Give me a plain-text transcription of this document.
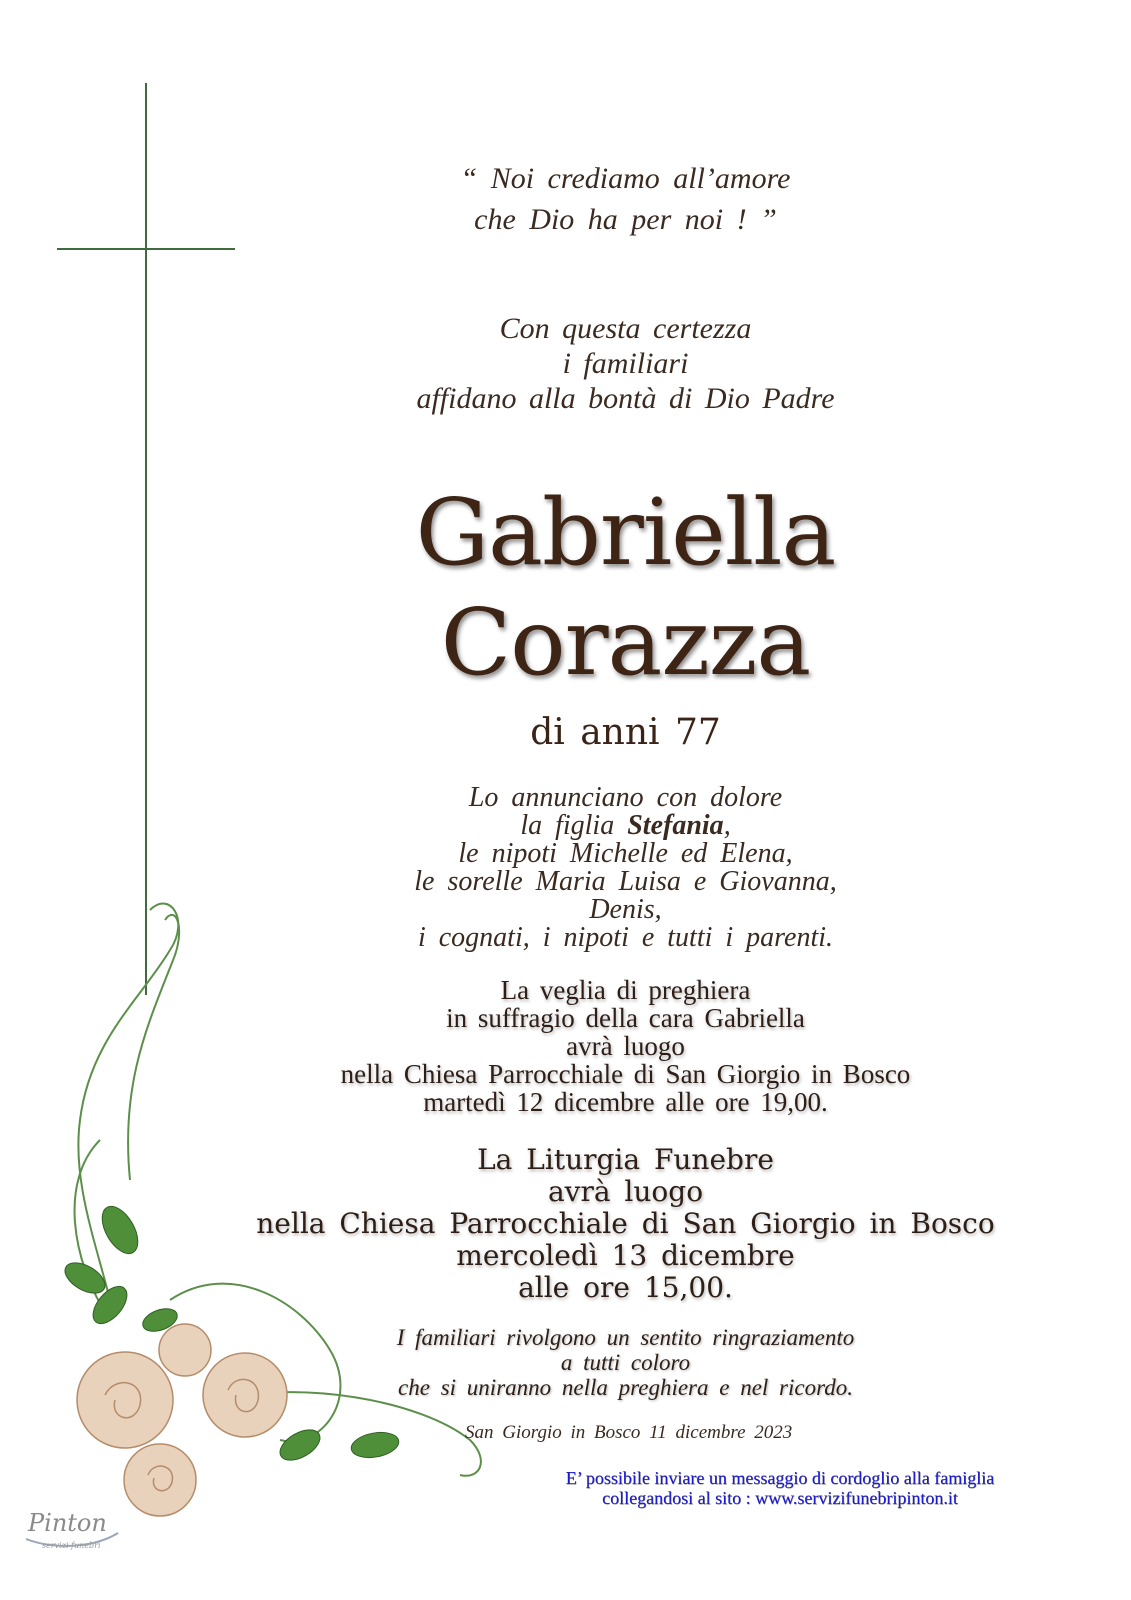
“ Noi crediamo all’amore
che Dio ha per noi ! ”
Con questa certezza
i familiari
affidano alla bontà di Dio Padre
Gabriella
Corazza
di anni 77
Lo annunciano con dolore
la figlia Stefania,
le nipoti Michelle ed Elena,
le sorelle Maria Luisa e Giovanna,
Denis,
i cognati, i nipoti e tutti i parenti.
La veglia di preghiera
in suffragio della cara Gabriella
avrà luogo
nella Chiesa Parrocchiale di San Giorgio in Bosco
martedì 12 dicembre alle ore 19,00.
La Liturgia Funebre
avrà luogo
nella Chiesa Parrocchiale di San Giorgio in Bosco
mercoledì 13 dicembre
alle ore 15,00.
I familiari rivolgono un sentito ringraziamento
a tutti coloro
che si uniranno nella preghiera e nel ricordo.
San Giorgio in Bosco 11 dicembre 2023
E’ possibile inviare un messaggio di cordoglio alla famiglia
collegandosi al sito : www.servizifunebripinton.it
Pinton
servizi funebri
